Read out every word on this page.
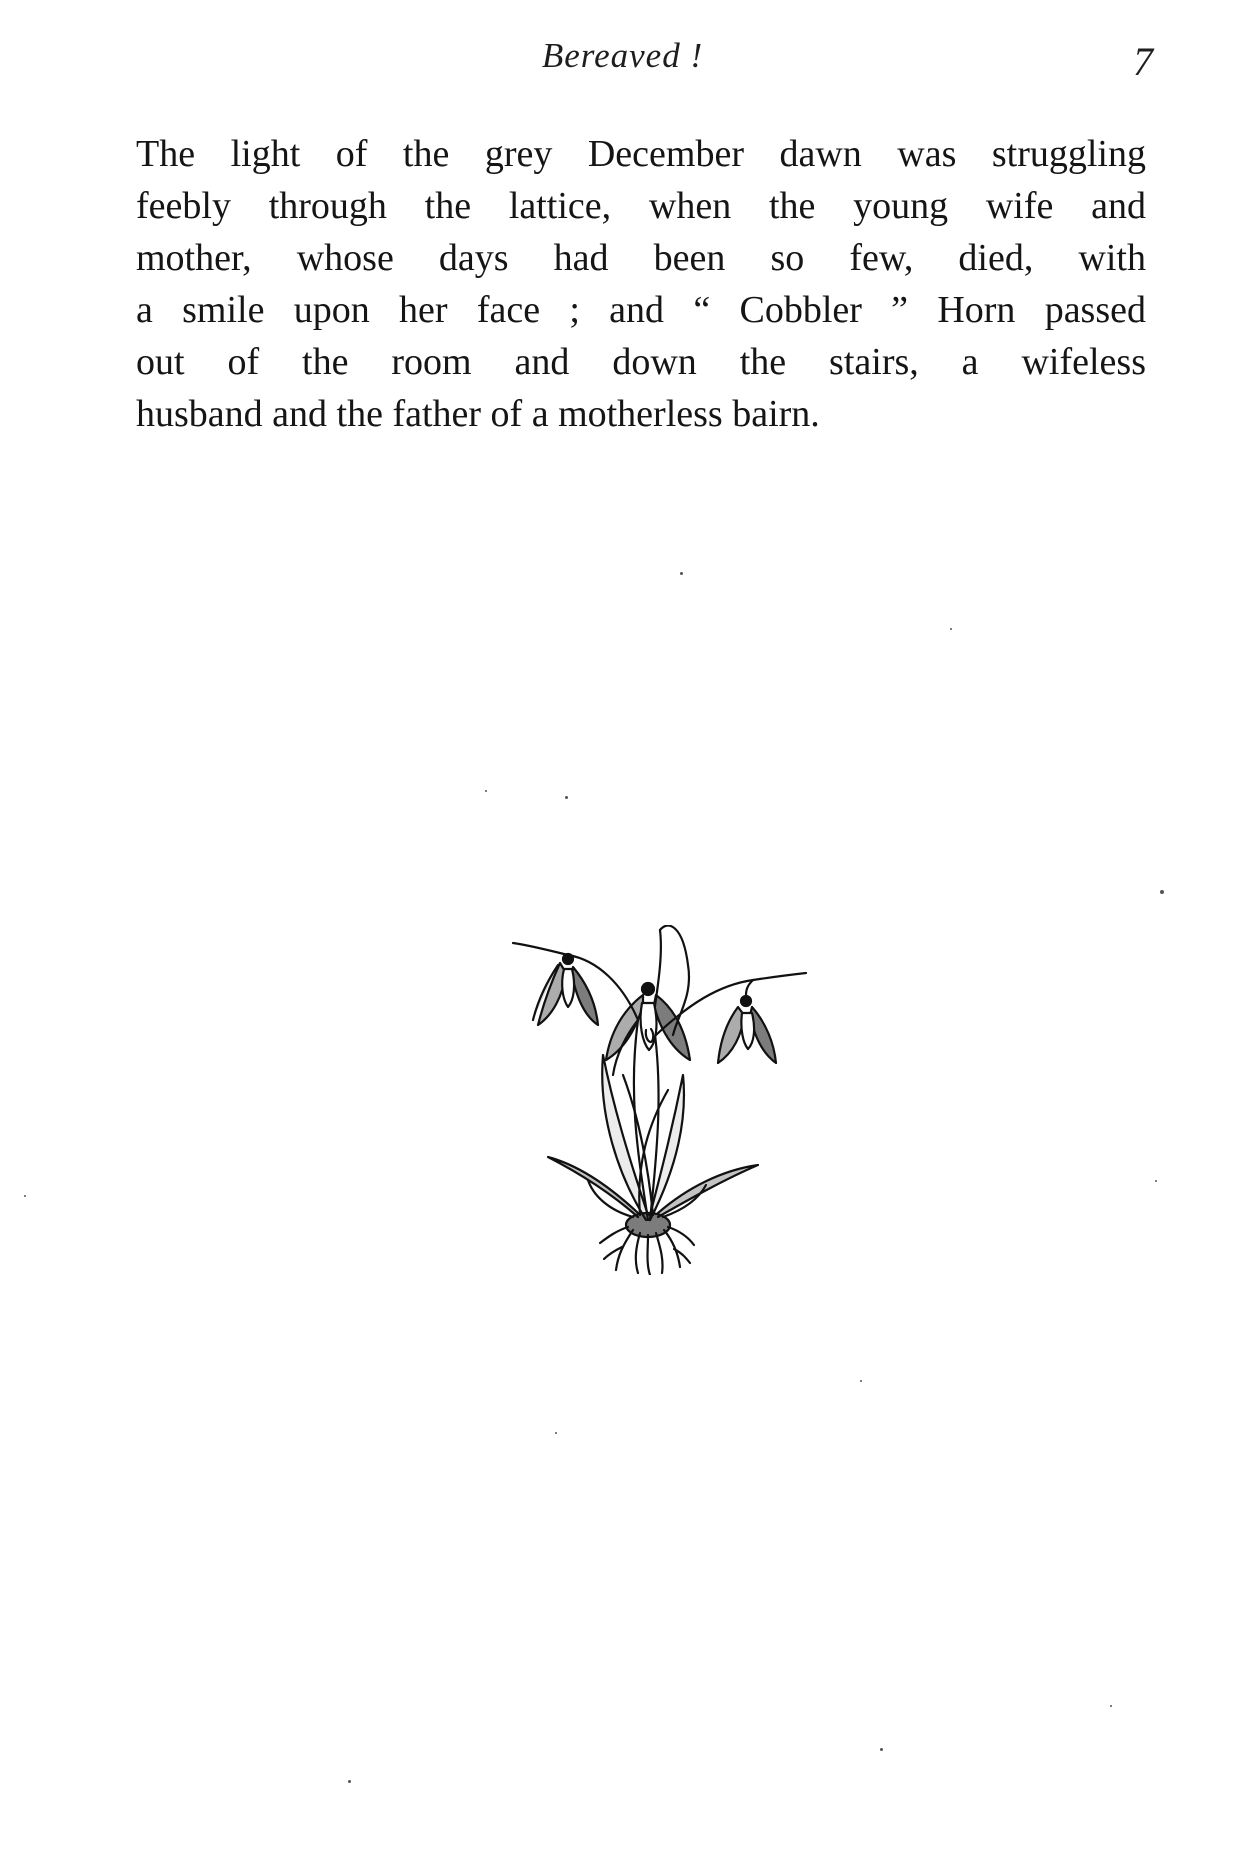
Bereaved !	7

The light of the grey December dawn was struggling
feebly through the lattice, when the young wife and
mother, whose days had been so few, died, with
a smile upon her face ; and “ Cobbler ” Horn passed
out of the room and down the stairs, a wifeless
husband and the father of a motherless bairn.
